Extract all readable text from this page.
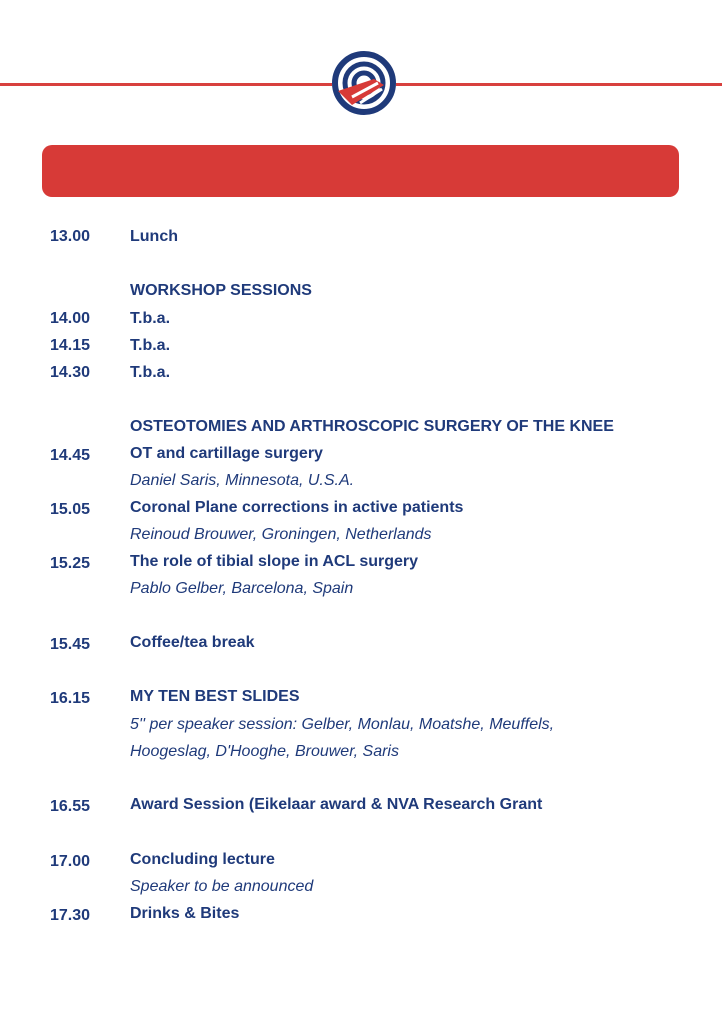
13.00 Lunch
WORKSHOP SESSIONS
14.00 T.b.a.
14.15 T.b.a.
14.30 T.b.a.
OSTEOTOMIES AND ARTHROSCOPIC SURGERY OF THE KNEE
14.45 OT and cartillage surgery
Daniel Saris, Minnesota, U.S.A.
15.05 Coronal Plane corrections in active patients
Reinoud Brouwer, Groningen, Netherlands
15.25 The role of tibial slope in ACL surgery
Pablo Gelber, Barcelona, Spain
15.45 Coffee/tea break
16.15 MY TEN BEST SLIDES
5'' per speaker session: Gelber, Monlau, Moatshe, Meuffels,
Hoogeslag, D'Hooghe, Brouwer, Saris
16.55 Award Session (Eikelaar award & NVA Research Grant
17.00 Concluding lecture
Speaker to be announced
17.30 Drinks & Bites
